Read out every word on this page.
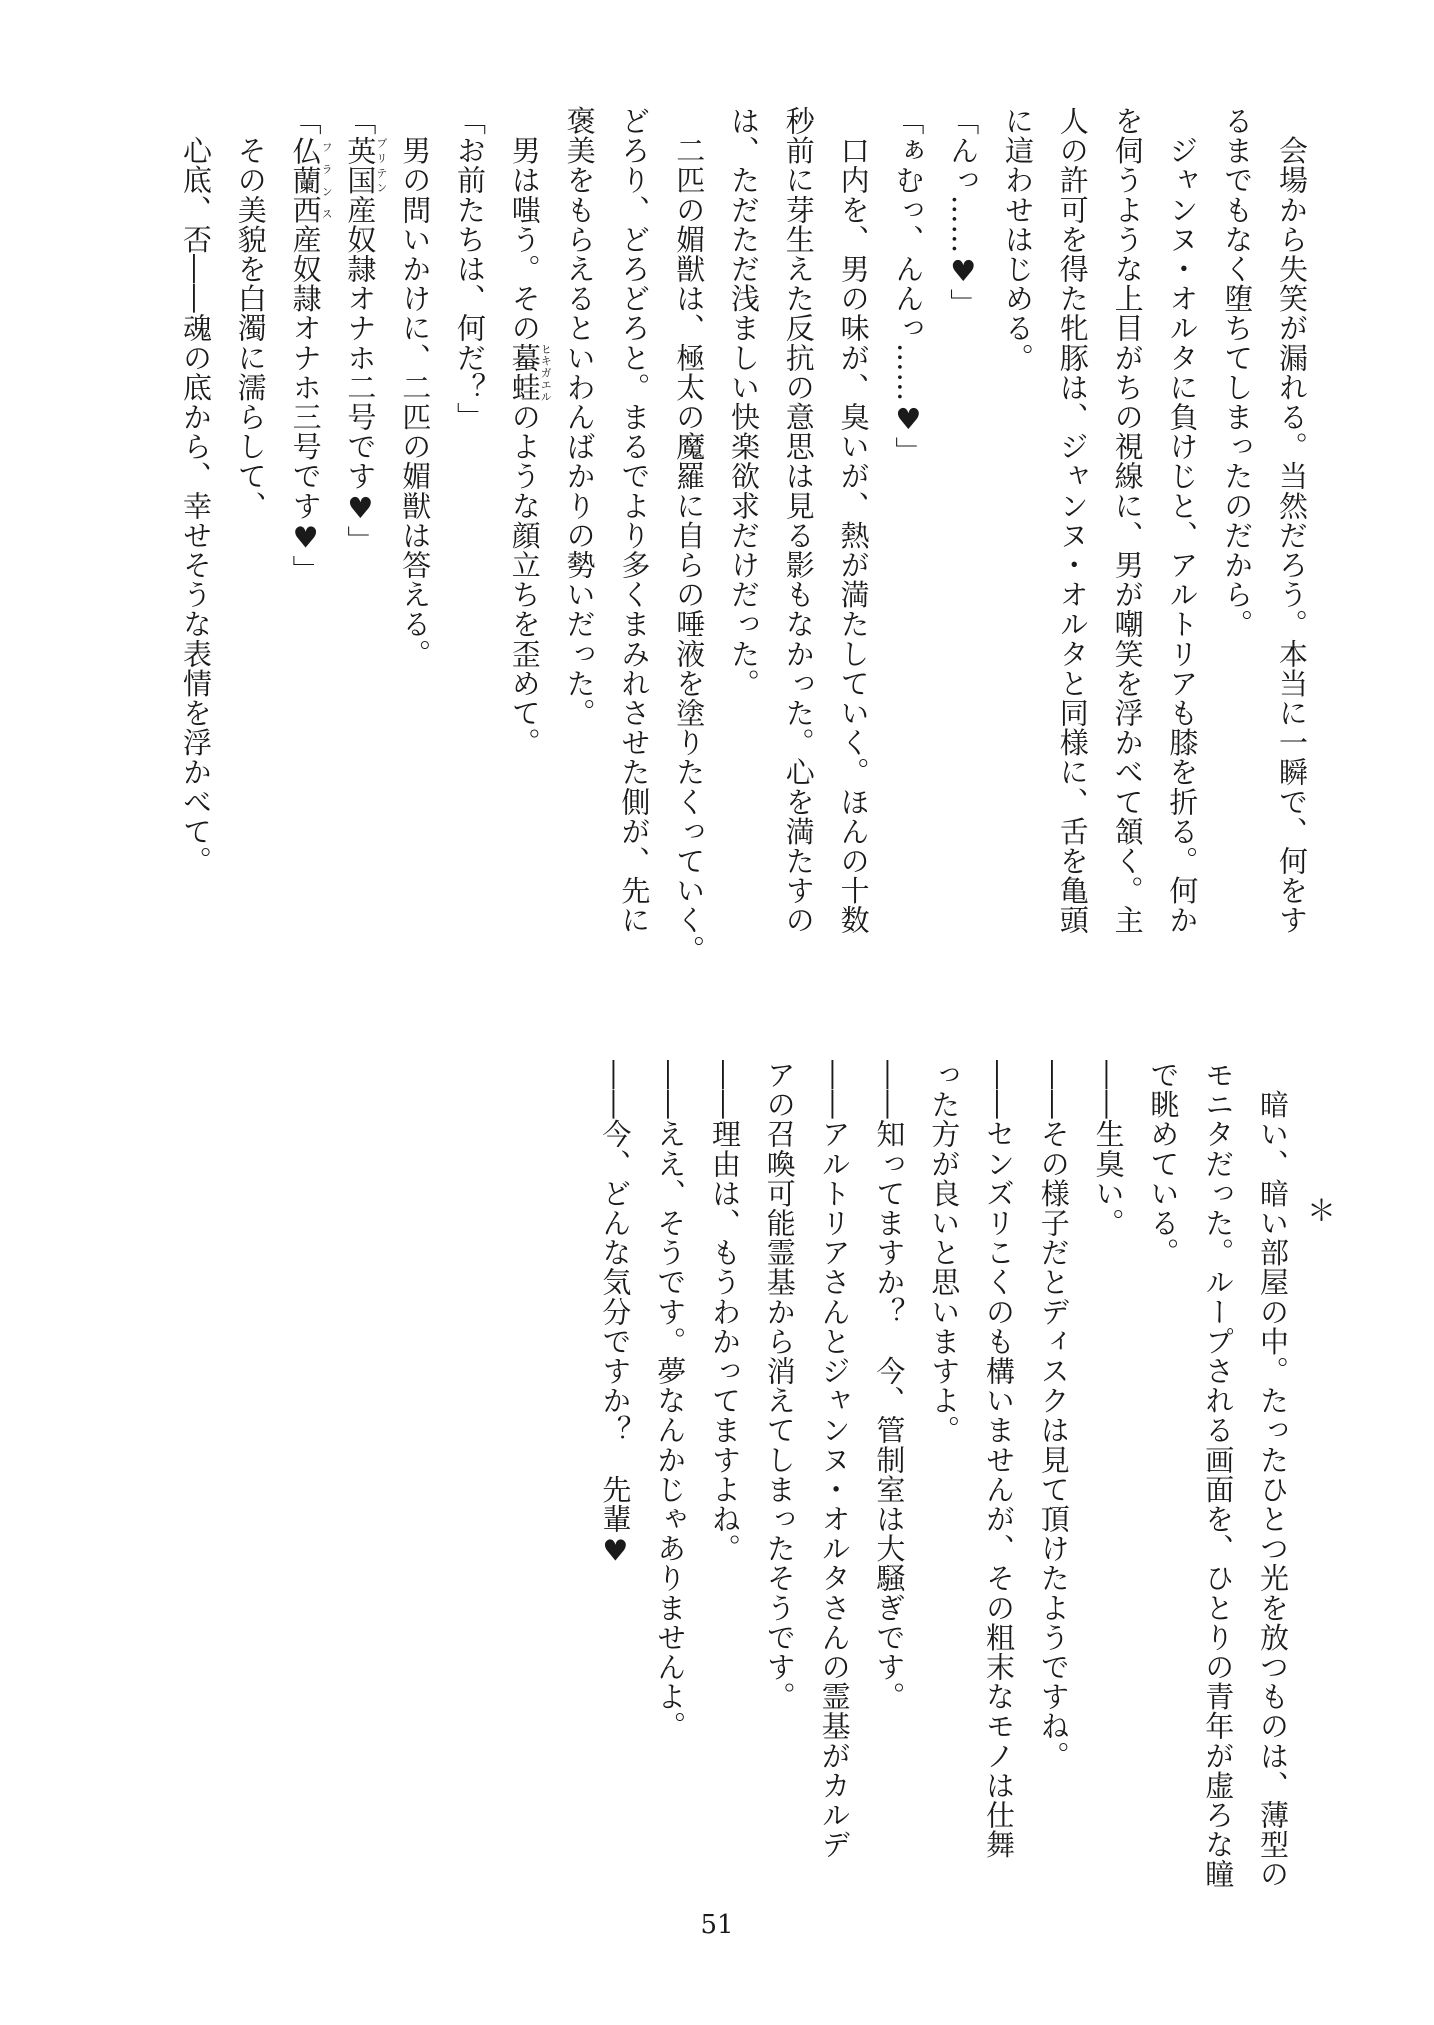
　会場から失笑が漏れる。当然だろう。本当に一瞬で、何をす
るまでもなく堕ちてしまったのだから。
　ジャンヌ・オルタに負けじと、アルトリアも膝を折る。何か
を伺うような上目がちの視線に、男が嘲笑を浮かべて頷く。主
人の許可を得た牝豚は、ジャンヌ・オルタと同様に、舌を亀頭
に這わせはじめる。
「んっ……♥」
「ぁむっ、んんっ……♥」
　口内を、男の味が、臭いが、熱が満たしていく。ほんの十数
秒前に芽生えた反抗の意思は見る影もなかった。心を満たすの
は、ただただ浅ましい快楽欲求だけだった。
　二匹の媚獣は、極太の魔羅に自らの唾液を塗りたくっていく。
どろり、どろどろと。まるでより多くまみれさせた側が、先に
褒美をもらえるといわんばかりの勢いだった。
　男は嗤う。その蟇蛙ヒキガエルのような顔立ちを歪めて。
「お前たちは、何だ？」
　男の問いかけに、二匹の媚獣は答える。
「英国ブリテン産奴隷オナホ二号です♥」
「仏蘭西フランス産奴隷オナホ三号です♥」
　その美貌を白濁に濡らして、
　心底、否――魂の底から、幸せそうな表情を浮かべて。
＊
　暗い、暗い部屋の中。たったひとつ光を放つものは、薄型の
モニタだった。ループされる画面を、ひとりの青年が虚ろな瞳
で眺めている。
――生臭い。
――その様子だとディスクは見て頂けたようですね。
――センズリこくのも構いませんが、その粗末なモノは仕舞
った方が良いと思いますよ。
――知ってますか？　今、管制室は大騒ぎです。
――アルトリアさんとジャンヌ・オルタさんの霊基がカルデ
アの召喚可能霊基から消えてしまったそうです。
――理由は、もうわかってますよね。
――ええ、そうです。夢なんかじゃありませんよ。
――今、どんな気分ですか？　先輩♥
51
